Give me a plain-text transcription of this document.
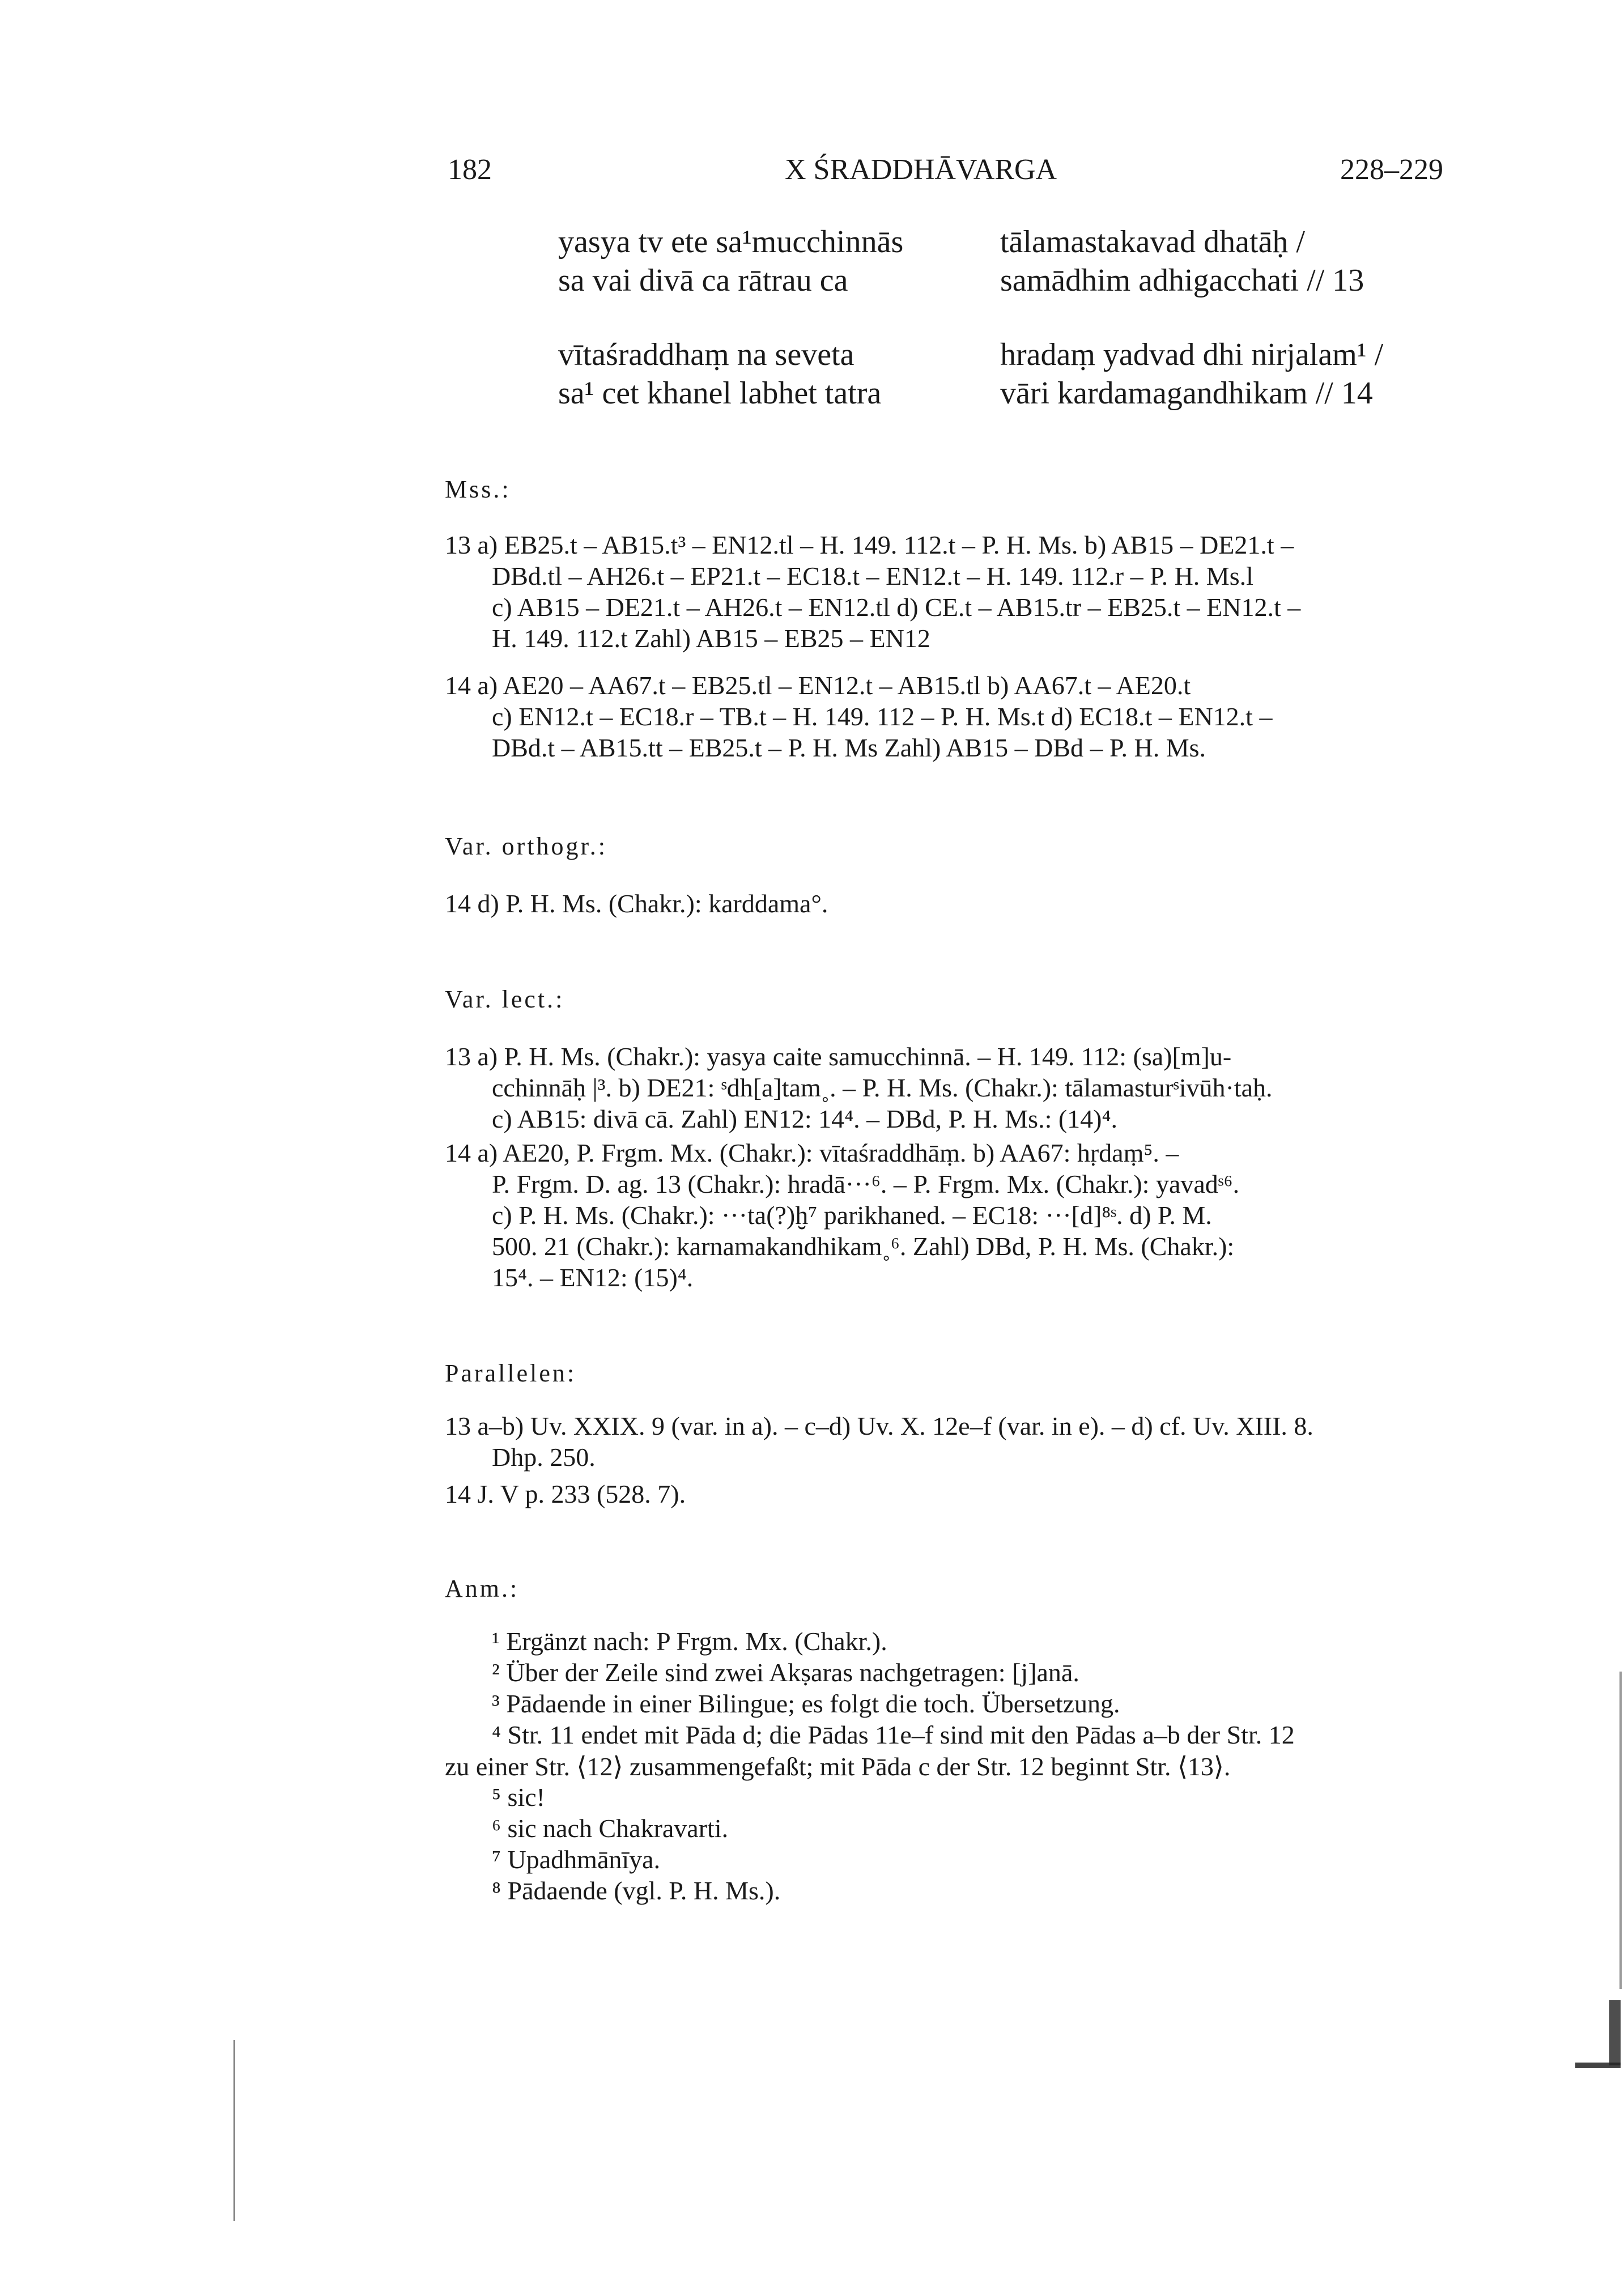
182	X ŚRADDHĀVARGA	228–229
yasya tv ete sa¹mucchinnās	tālamastakavad dhatāḥ /
sa vai divā ca rātrau ca	samādhim adhigacchati // 13
vītaśraddhaṃ na seveta	hradaṃ yadvad dhi nirjalam¹ /
sa¹ cet khanel labhet tatra	vāri kardamagandhikam // 14
Mss.:
13 a) EB25.t – AB15.t³ – EN12.tl – H. 149. 112.t – P. H. Ms. b) AB15 – DE21.t –
DBd.tl – AH26.t – EP21.t – EC18.t – EN12.t – H. 149. 112.r – P. H. Ms.l
c) AB15 – DE21.t – AH26.t – EN12.tl d) CE.t – AB15.tr – EB25.t – EN12.t –
H. 149. 112.t Zahl) AB15 – EB25 – EN12
14 a) AE20 – AA67.t – EB25.tl – EN12.t – AB15.tl b) AA67.t – AE20.t
c) EN12.t – EC18.r – TB.t – H. 149. 112 – P. H. Ms.t d) EC18.t – EN12.t –
DBd.t – AB15.tt – EB25.t – P. H. Ms Zahl) AB15 – DBd – P. H. Ms.
Var. orthogr.:
14 d) P. H. Ms. (Chakr.): karddama°.
Var. lect.:
13 a) P. H. Ms. (Chakr.): yasya caite samucchinnā. – H. 149. 112: (sa)[m]u-
cchinnāḥ |³. b) DE21: ˢdh[a]tam˳. – P. H. Ms. (Chakr.): tālamasturˢivūh·taḥ.
c) AB15: divā cā. Zahl) EN12: 14⁴. – DBd, P. H. Ms.: (14)⁴.
14 a) AE20, P. Frgm. Mx. (Chakr.): vītaśraddhāṃ. b) AA67: hṛdaṃ⁵. –
P. Frgm. D. ag. 13 (Chakr.): hradā···⁶. – P. Frgm. Mx. (Chakr.): yavadˢ⁶.
c) P. H. Ms. (Chakr.): ···ta(?)ḫ⁷ parikhaned. – EC18: ···[d]⁸ˢ. d) P. M.
500. 21 (Chakr.): karnamakandhikam˳⁶. Zahl) DBd, P. H. Ms. (Chakr.):
15⁴. – EN12: (15)⁴.
Parallelen:
13 a–b) Uv. XXIX. 9 (var. in a). – c–d) Uv. X. 12e–f (var. in e). – d) cf. Uv. XIII. 8.
Dhp. 250.
14 J. V p. 233 (528. 7).
Anm.:
¹ Ergänzt nach: P Frgm. Mx. (Chakr.).
² Über der Zeile sind zwei Akṣaras nachgetragen: [j]anā.
³ Pādaende in einer Bilingue; es folgt die toch. Übersetzung.
⁴ Str. 11 endet mit Pāda d; die Pādas 11e–f sind mit den Pādas a–b der Str. 12
zu einer Str. ⟨12⟩ zusammengefaßt; mit Pāda c der Str. 12 beginnt Str. ⟨13⟩.
⁵ sic!
⁶ sic nach Chakravarti.
⁷ Upadhmānīya.
⁸ Pādaende (vgl. P. H. Ms.).
